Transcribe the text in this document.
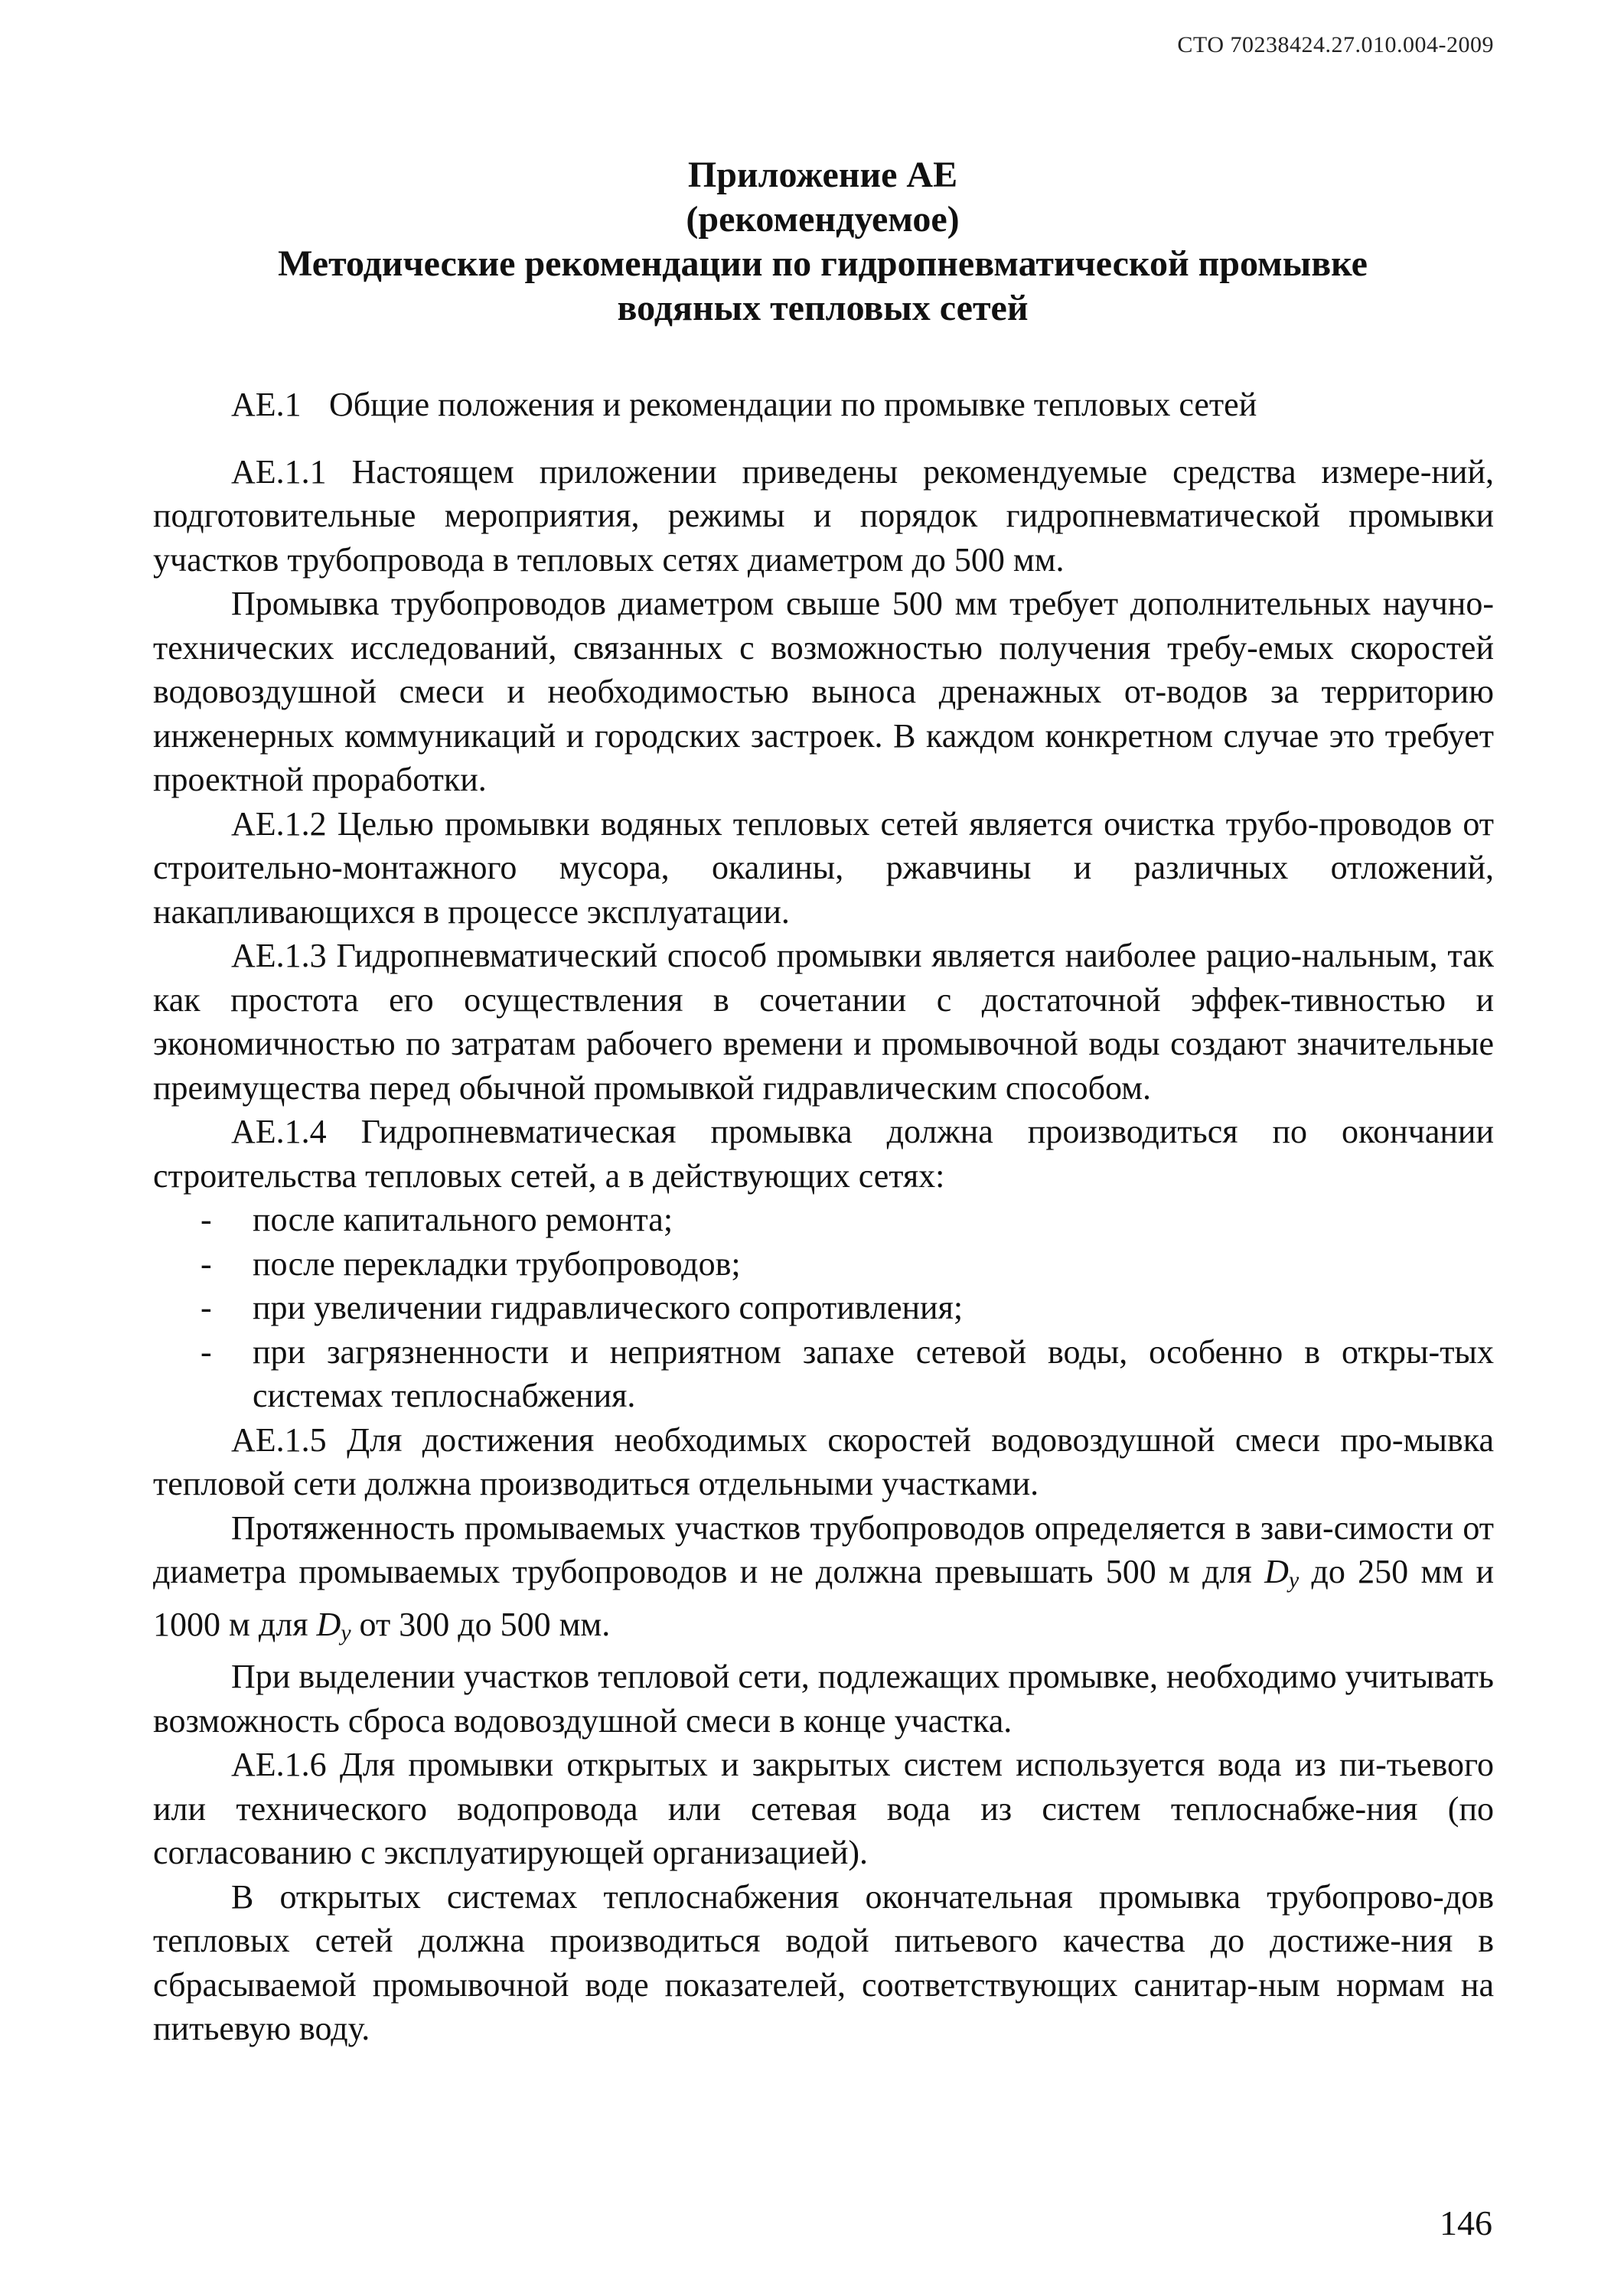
СТО 70238424.27.010.004-2009
Приложение АЕ
(рекомендуемое)
Методические рекомендации по гидропневматической промывке
водяных тепловых сетей
АЕ.1 Общие положения и рекомендации по промывке тепловых сетей

АЕ.1.1 Настоящем приложении приведены рекомендуемые средства измере-ний, подготовительные мероприятия, режимы и порядок гидропневматической промывки участков трубопровода в тепловых сетях диаметром до 500 мм.

Промывка трубопроводов диаметром свыше 500 мм требует дополнительных научно-технических исследований, связанных с возможностью получения требу-емых скоростей водовоздушной смеси и необходимостью выноса дренажных от-водов за территорию инженерных коммуникаций и городских застроек. В каждом конкретном случае это требует проектной проработки.

АЕ.1.2 Целью промывки водяных тепловых сетей является очистка трубо-проводов от строительно-монтажного мусора, окалины, ржавчины и различных отложений, накапливающихся в процессе эксплуатации.

АЕ.1.3 Гидропневматический способ промывки является наиболее рацио-нальным, так как простота его осуществления в сочетании с достаточной эффек-тивностью и экономичностью по затратам рабочего времени и промывочной воды создают значительные преимущества перед обычной промывкой гидравлическим способом.

АЕ.1.4 Гидропневматическая промывка должна производиться по окончании строительства тепловых сетей, а в действующих сетях:

- после капитального ремонта;
- после перекладки трубопроводов;
- при увеличении гидравлического сопротивления;
- при загрязненности и неприятном запахе сетевой воды, особенно в откры-тых системах теплоснабжения.

АЕ.1.5 Для достижения необходимых скоростей водовоздушной смеси про-мывка тепловой сети должна производиться отдельными участками.

Протяженность промываемых участков трубопроводов определяется в зави-симости от диаметра промываемых трубопроводов и не должна превышать 500 м для $D_y$ до 250 мм и 1000 м для $D_y$ от 300 до 500 мм.

При выделении участков тепловой сети, подлежащих промывке, необходимо учитывать возможность сброса водовоздушной смеси в конце участка.

АЕ.1.6 Для промывки открытых и закрытых систем используется вода из пи-тьевого или технического водопровода или сетевая вода из систем теплоснабже-ния (по согласованию с эксплуатирующей организацией).

В открытых системах теплоснабжения окончательная промывка трубопрово-дов тепловых сетей должна производиться водой питьевого качества до достиже-ния в сбрасываемой промывочной воде показателей, соответствующих санитар-ным нормам на питьевую воду.

146
